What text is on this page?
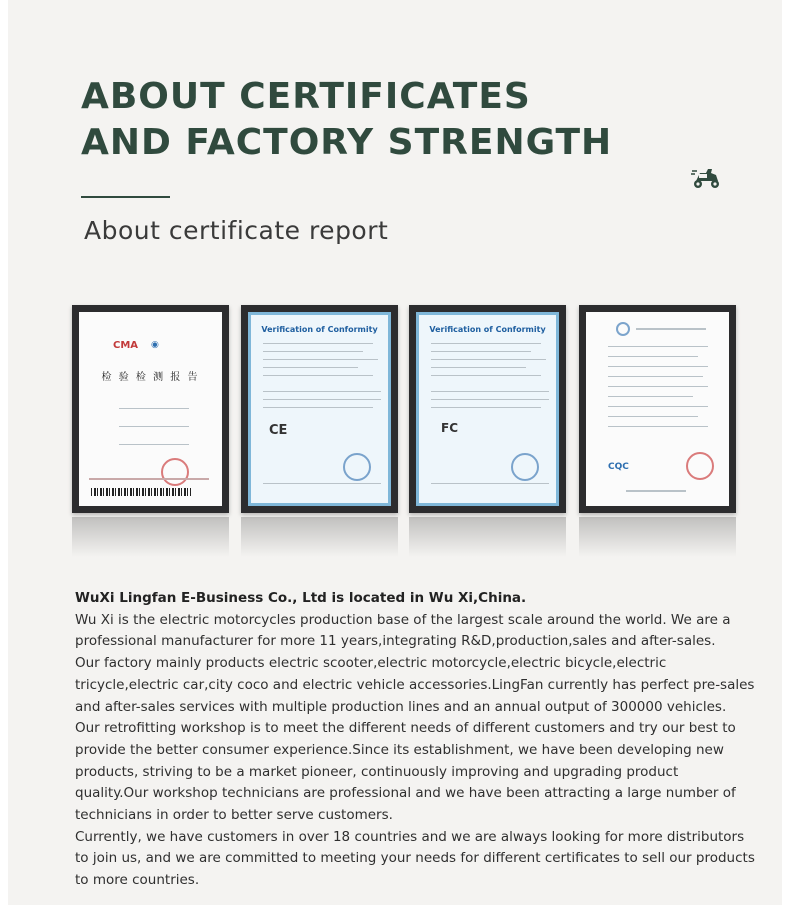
ABOUT CERTIFICATES
AND FACTORY STRENGTH
About certificate report
CMA ◉
检 验 检 测 报 告
Verification of Conformity
CE
Verification of Conformity
FC
CQC

WuXi Lingfan E-Business Co., Ltd is located in Wu Xi,China.

Wu Xi is the electric motorcycles production base of the largest scale around the world. We are a professional manufacturer for more 11 years,integrating R&D,production,sales and after-sales.

Our factory mainly products electric scooter,electric motorcycle,electric bicycle,electric tricycle,electric car,city coco and electric vehicle accessories.LingFan currently has perfect pre-sales and after-sales services with multiple production lines and an annual output of 300000 vehicles. Our retrofitting workshop is to meet the different needs of different customers and try our best to provide the better consumer experience.Since its establishment, we have been developing new products, striving to be a market pioneer, continuously improving and upgrading product quality.Our workshop technicians are professional and we have been attracting a large number of technicians in order to better serve customers.

Currently, we have customers in over 18 countries and we are always looking for more distributors to join us, and we are committed to meeting your needs for different certificates to sell our products to more countries.
